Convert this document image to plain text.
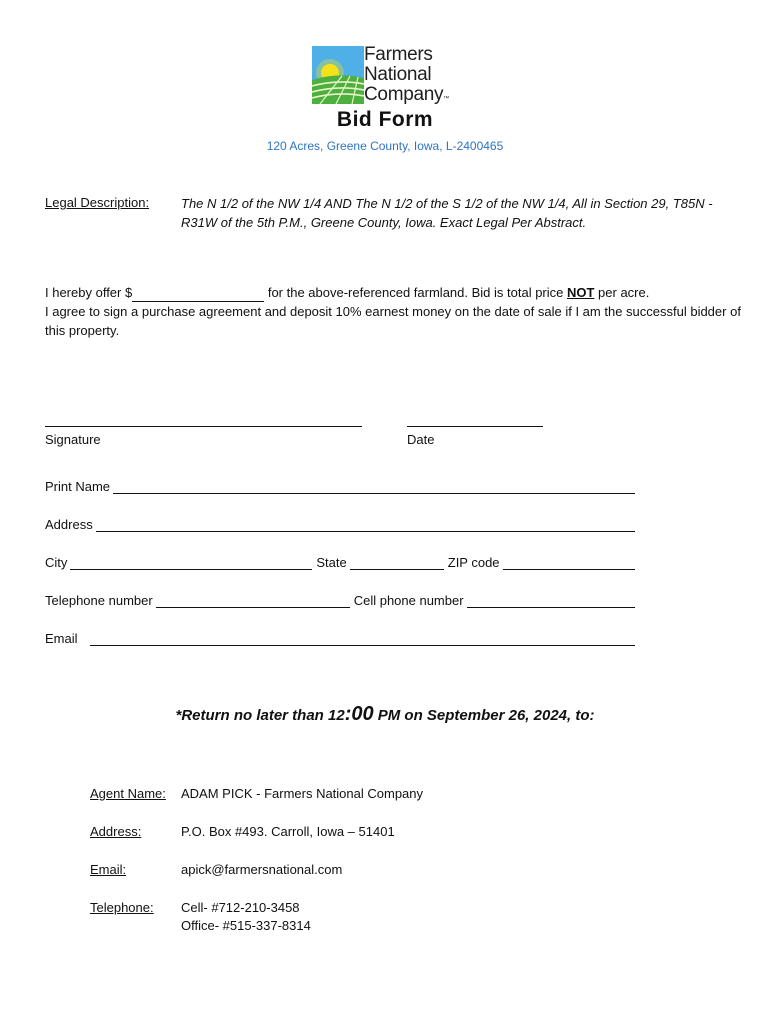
Farmers
National
Company™
Bid Form
120 Acres, Greene County, Iowa, L-2400465
Legal Description: The N 1/2 of the NW 1/4 AND The N 1/2 of the S 1/2 of the NW 1/4, All in Section 29, T85N - R31W of the 5th P.M., Greene County, Iowa. Exact Legal Per Abstract.
I hereby offer $	for the above-referenced farmland. Bid is total price NOT per acre.
I agree to sign a purchase agreement and deposit 10% earnest money on the date of sale if I am the successful bidder of this property.
Signature	Date
Print Name
Address
City	State	ZIP code
Telephone number	Cell phone number
Email
*Return no later than 12:00 PM on September 26, 2024, to:
Agent Name: ADAM PICK - Farmers National Company
Address:	P.O. Box #493. Carroll, Iowa – 51401
Email:	apick@farmersnational.com
Telephone: Cell- #712-210-3458
Office- #515-337-8314
